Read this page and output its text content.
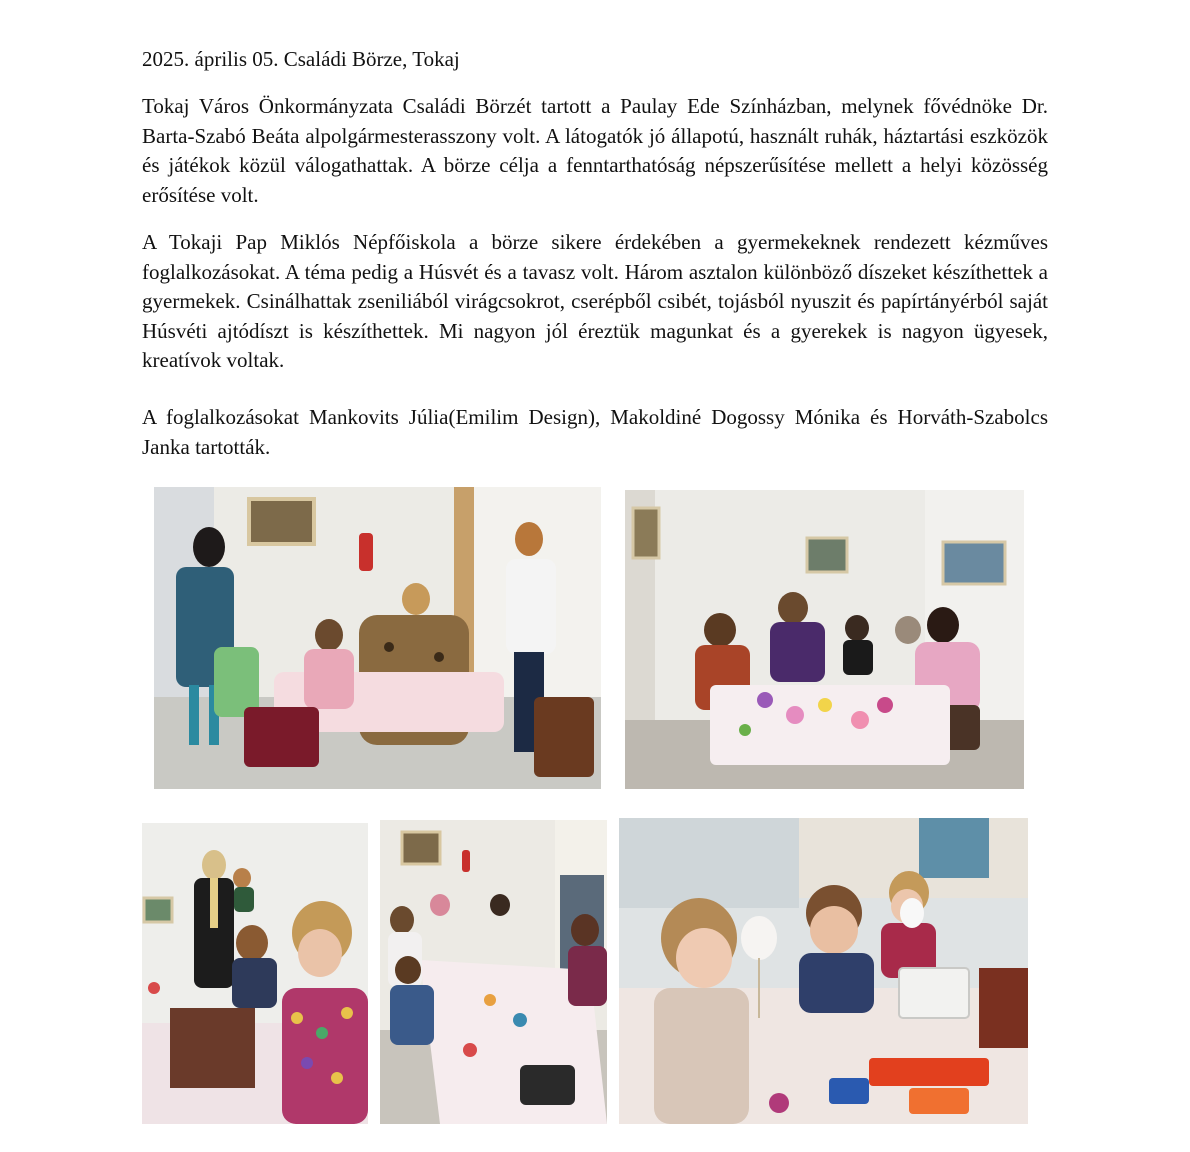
2025. április 05. Családi Börze, Tokaj

Tokaj Város Önkormányzata Családi Börzét tartott a Paulay Ede Színházban, melynek fővédnöke Dr. Barta-Szabó Beáta alpolgármesterasszony volt. A látogatók jó állapotú, használt ruhák, háztartási eszközök és játékok közül válogathattak. A börze célja a fenntarthatóság népszerűsítése mellett a helyi közösség erősítése volt.

A Tokaji Pap Miklós Népfőiskola a börze sikere érdekében a gyermekeknek rendezett kézműves foglalkozásokat. A téma pedig a Húsvét és a tavasz volt. Három asztalon különböző díszeket készíthettek a gyermekek. Csinálhattak zseniliából virágcsokrot, cserépből csibét, tojásból nyuszit és papírtányérból saját Húsvéti ajtódíszt is készíthettek. Mi nagyon jól éreztük magunkat és a gyerekek is nagyon ügyesek, kreatívok voltak.

A foglalkozásokat Mankovits Júlia(Emilim Design), Makoldiné Dogossy Mónika és Horváth-Szabolcs Janka tartották.
